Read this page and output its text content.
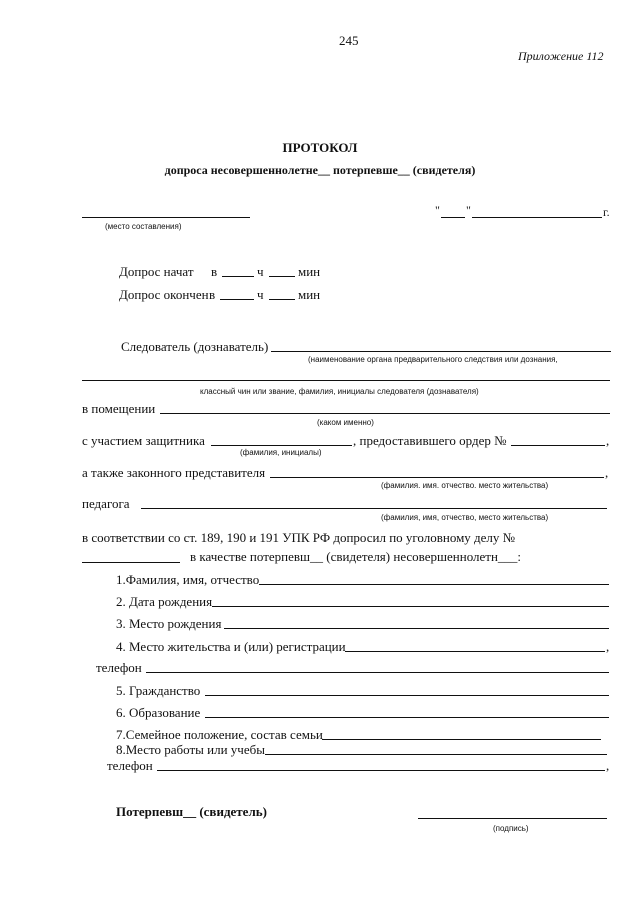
245
Приложение 112
ПРОТОКОЛ
допроса несовершеннолетне__ потерпевше__ (свидетеля)
(место составления)
" "	г.
Допрос начат в	ч	мин
Допрос окончен в	ч	мин
Следователь (дознаватель)
(наименование органа предварительного следствия или дознания,
классный чин или звание, фамилия, инициалы следователя (дознавателя)
в помещении
(каком именно)
с участием защитника	, предоставившего ордер №	,
(фамилия, инициалы)
а также законного представителя	,
(фамилия. имя. отчество. место жительства)
педагога
(фамилия, имя, отчество, место жительства)
в соответствии со ст. 189, 190 и 191 УПК РФ допросил по уголовному делу №
в качестве потерпевш__ (свидетеля) несовершеннолетн___:
1.Фамилия, имя, отчество
2. Дата рождения
3. Место рождения
4. Место жительства и (или) регистрации	,
телефон
5. Гражданство
6. Образование
7.Семейное положение, состав семьи
8.Место работы или учебы
телефон	,
Потерпевш__ (свидетель)
(подпись)
